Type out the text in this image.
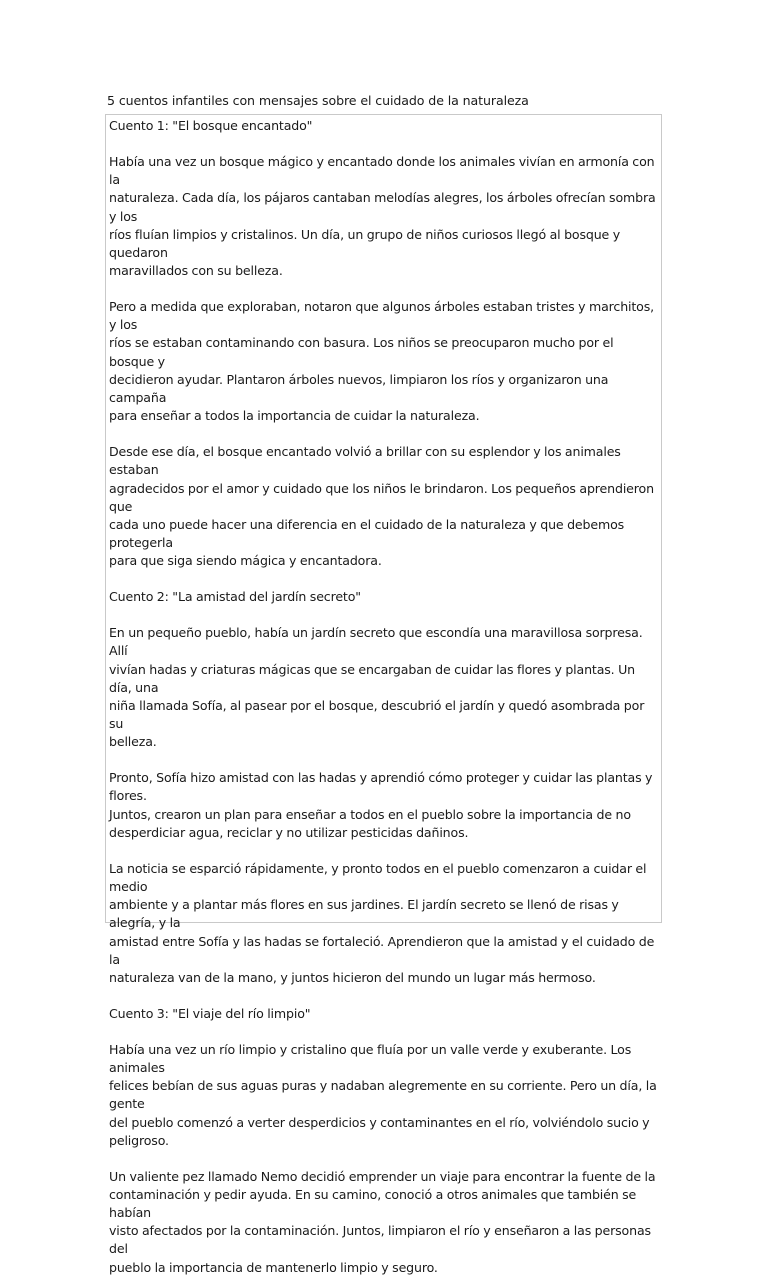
5 cuentos infantiles con mensajes sobre el cuidado de la naturaleza

Cuento 1: "El bosque encantado"

Había una vez un bosque mágico y encantado donde los animales vivían en armonía con la
naturaleza. Cada día, los pájaros cantaban melodías alegres, los árboles ofrecían sombra y los
ríos fluían limpios y cristalinos. Un día, un grupo de niños curiosos llegó al bosque y quedaron
maravillados con su belleza.

Pero a medida que exploraban, notaron que algunos árboles estaban tristes y marchitos, y los
ríos se estaban contaminando con basura. Los niños se preocuparon mucho por el bosque y
decidieron ayudar. Plantaron árboles nuevos, limpiaron los ríos y organizaron una campaña
para enseñar a todos la importancia de cuidar la naturaleza.

Desde ese día, el bosque encantado volvió a brillar con su esplendor y los animales estaban
agradecidos por el amor y cuidado que los niños le brindaron. Los pequeños aprendieron que
cada uno puede hacer una diferencia en el cuidado de la naturaleza y que debemos protegerla
para que siga siendo mágica y encantadora.

Cuento 2: "La amistad del jardín secreto"

En un pequeño pueblo, había un jardín secreto que escondía una maravillosa sorpresa. Allí
vivían hadas y criaturas mágicas que se encargaban de cuidar las flores y plantas. Un día, una
niña llamada Sofía, al pasear por el bosque, descubrió el jardín y quedó asombrada por su
belleza.

Pronto, Sofía hizo amistad con las hadas y aprendió cómo proteger y cuidar las plantas y flores.
Juntos, crearon un plan para enseñar a todos en el pueblo sobre la importancia de no
desperdiciar agua, reciclar y no utilizar pesticidas dañinos.

La noticia se esparció rápidamente, y pronto todos en el pueblo comenzaron a cuidar el medio
ambiente y a plantar más flores en sus jardines. El jardín secreto se llenó de risas y alegría, y la
amistad entre Sofía y las hadas se fortaleció. Aprendieron que la amistad y el cuidado de la
naturaleza van de la mano, y juntos hicieron del mundo un lugar más hermoso.

Cuento 3: "El viaje del río limpio"

Había una vez un río limpio y cristalino que fluía por un valle verde y exuberante. Los animales
felices bebían de sus aguas puras y nadaban alegremente en su corriente. Pero un día, la gente
del pueblo comenzó a verter desperdicios y contaminantes en el río, volviéndolo sucio y
peligroso.

Un valiente pez llamado Nemo decidió emprender un viaje para encontrar la fuente de la
contaminación y pedir ayuda. En su camino, conoció a otros animales que también se habían
visto afectados por la contaminación. Juntos, limpiaron el río y enseñaron a las personas del
pueblo la importancia de mantenerlo limpio y seguro.
